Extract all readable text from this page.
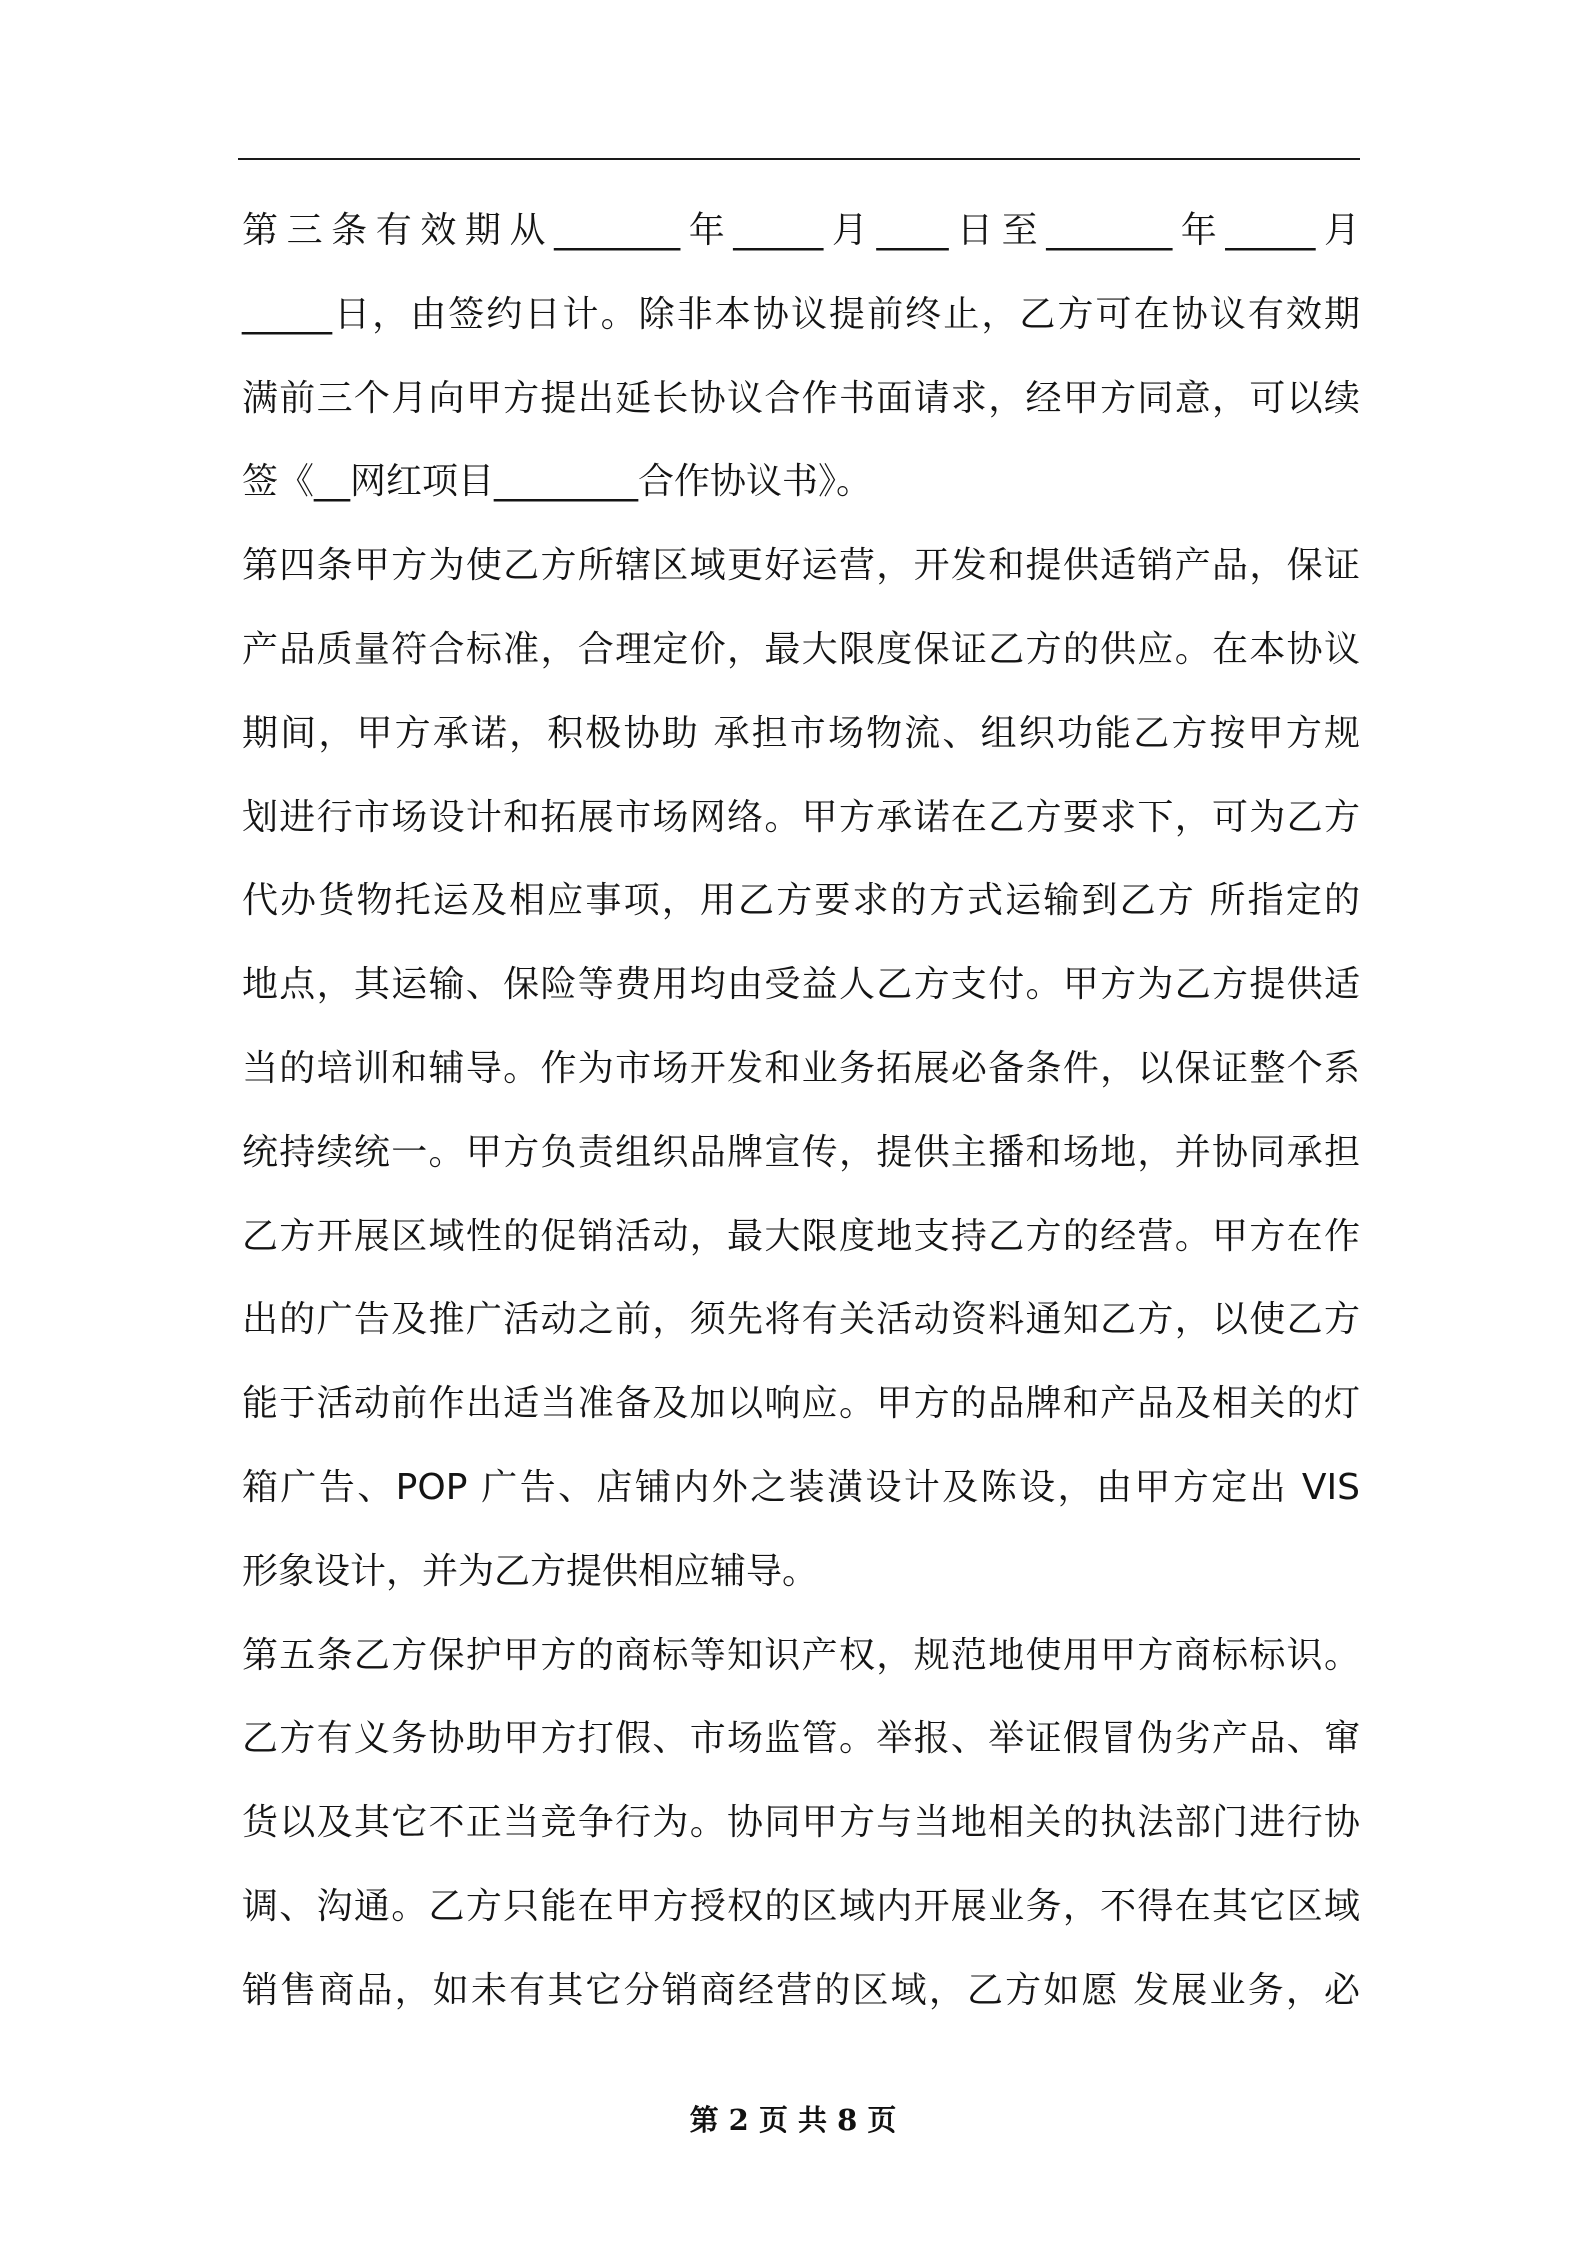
第三条有效期从_______年_____月____日至_______年_____月
_____日，由签约日计。除非本协议提前终止，乙方可在协议有效期
满前三个月向甲方提出延长协议合作书面请求，经甲方同意，可以续
签《__网红项目________合作协议书》。
第四条甲方为使乙方所辖区域更好运营，开发和提供适销产品，保证
产品质量符合标准，合理定价，最大限度保证乙方的供应。在本协议
期间，甲方承诺，积极协助 承担市场物流、组织功能乙方按甲方规
划进行市场设计和拓展市场网络。甲方承诺在乙方要求下，可为乙方
代办货物托运及相应事项，用乙方要求的方式运输到乙方 所指定的
地点，其运输、保险等费用均由受益人乙方支付。甲方为乙方提供适
当的培训和辅导。作为市场开发和业务拓展必备条件，以保证整个系
统持续统一。甲方负责组织品牌宣传，提供主播和场地，并协同承担
乙方开展区域性的促销活动，最大限度地支持乙方的经营。甲方在作
出的广告及推广活动之前，须先将有关活动资料通知乙方，以使乙方
能于活动前作出适当准备及加以响应。甲方的品牌和产品及相关的灯
箱广告、POP 广告、店铺内外之装潢设计及陈设，由甲方定出 VIS
形象设计，并为乙方提供相应辅导。
第五条乙方保护甲方的商标等知识产权，规范地使用甲方商标标识。
乙方有义务协助甲方打假、市场监管。举报、举证假冒伪劣产品、窜
货以及其它不正当竞争行为。协同甲方与当地相关的执法部门进行协
调、沟通。乙方只能在甲方授权的区域内开展业务，不得在其它区域
销售商品，如未有其它分销商经营的区域，乙方如愿 发展业务，必
第 2 页 共 8 页
